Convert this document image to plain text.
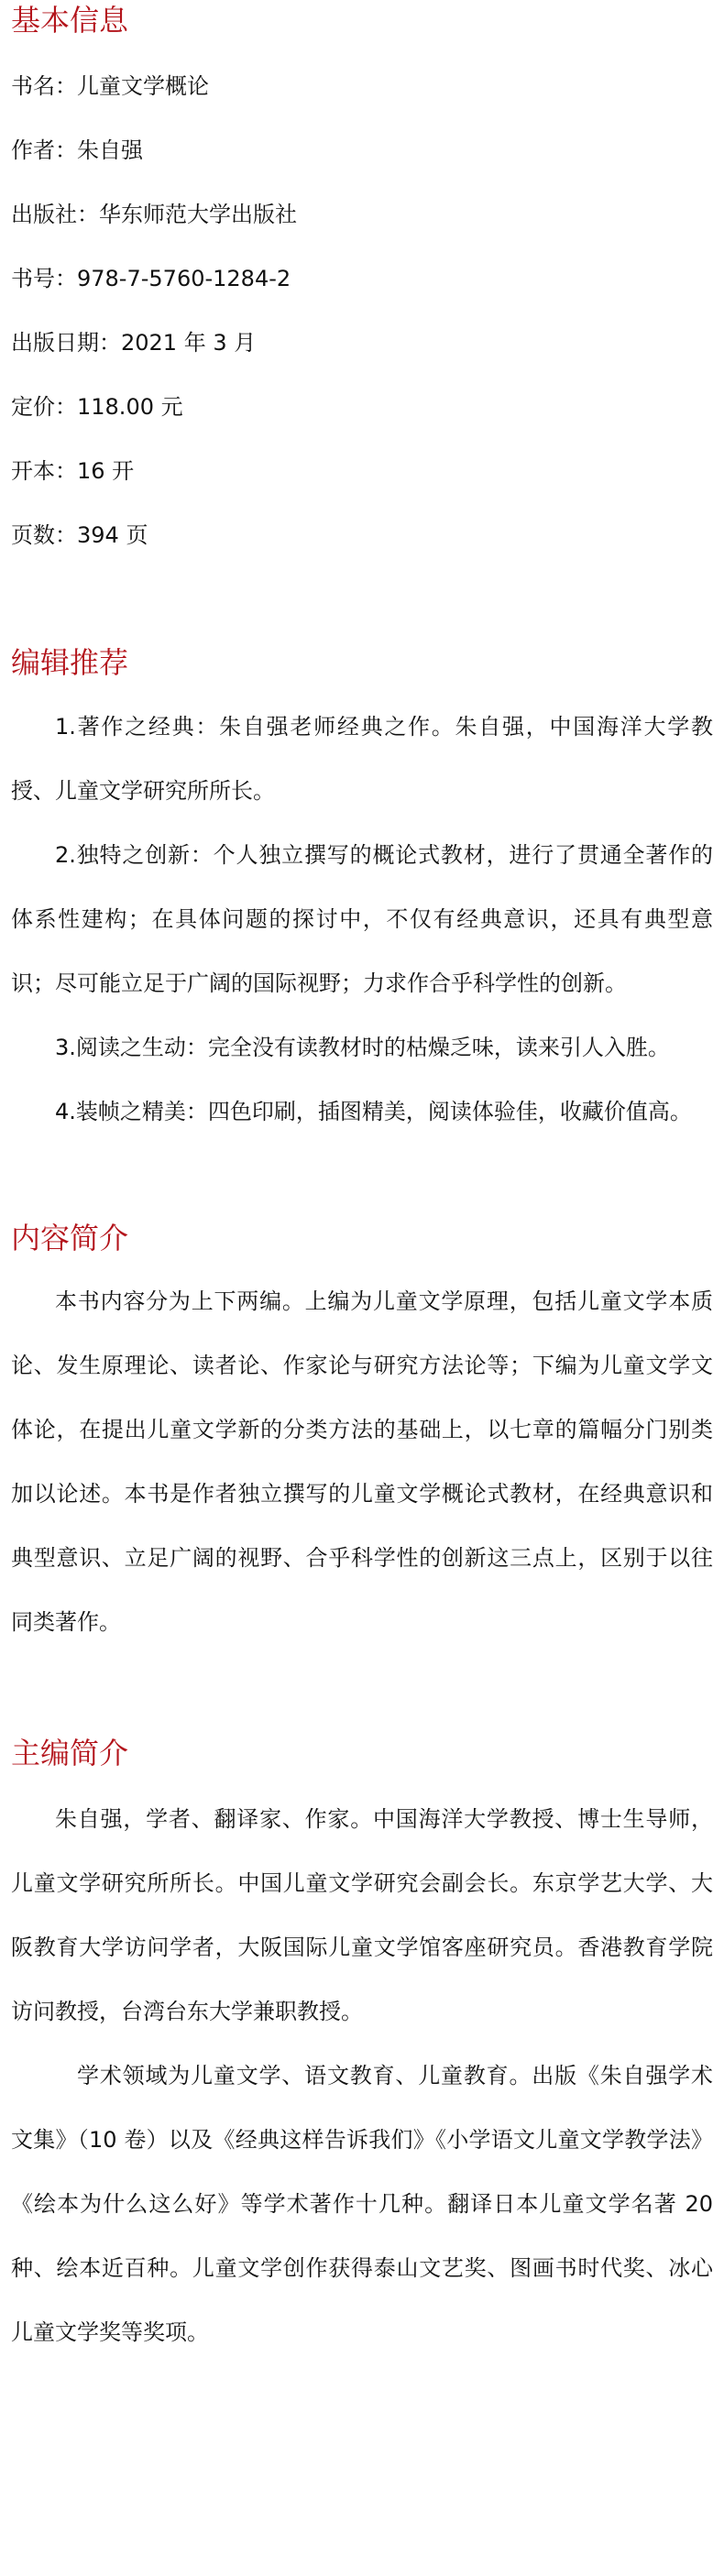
基本信息

书名：儿童文学概论

作者：朱自强

出版社：华东师范大学出版社

书号：978-7-5760-1284-2

出版日期：2021 年 3 月

定价：118.00 元

开本：16 开

页数：394 页

编辑推荐

1.著作之经典：朱自强老师经典之作。朱自强，中国海洋大学教授、儿童文学研究所所长。

2.独特之创新：个人独立撰写的概论式教材，进行了贯通全著作的体系性建构；在具体问题的探讨中，不仅有经典意识，还具有典型意识；尽可能立足于广阔的国际视野；力求作合乎科学性的创新。

3.阅读之生动：完全没有读教材时的枯燥乏味，读来引人入胜。

4.装帧之精美：四色印刷，插图精美，阅读体验佳，收藏价值高。

内容简介

本书内容分为上下两编。上编为儿童文学原理，包括儿童文学本质论、发生原理论、读者论、作家论与研究方法论等；下编为儿童文学文体论，在提出儿童文学新的分类方法的基础上，以七章的篇幅分门别类加以论述。本书是作者独立撰写的儿童文学概论式教材，在经典意识和典型意识、立足广阔的视野、合乎科学性的创新这三点上，区别于以往同类著作。

主编简介

朱自强，学者、翻译家、作家。中国海洋大学教授、博士生导师，儿童文学研究所所长。中国儿童文学研究会副会长。东京学艺大学、大阪教育大学访问学者，大阪国际儿童文学馆客座研究员。香港教育学院访问教授，台湾台东大学兼职教授。

学术领域为儿童文学、语文教育、儿童教育。出版《朱自强学术文集》（10 卷）以及《经典这样告诉我们》《小学语文儿童文学教学法》《绘本为什么这么好》等学术著作十几种。翻译日本儿童文学名著 20 种、绘本近百种。儿童文学创作获得泰山文艺奖、图画书时代奖、冰心儿童文学奖等奖项。
